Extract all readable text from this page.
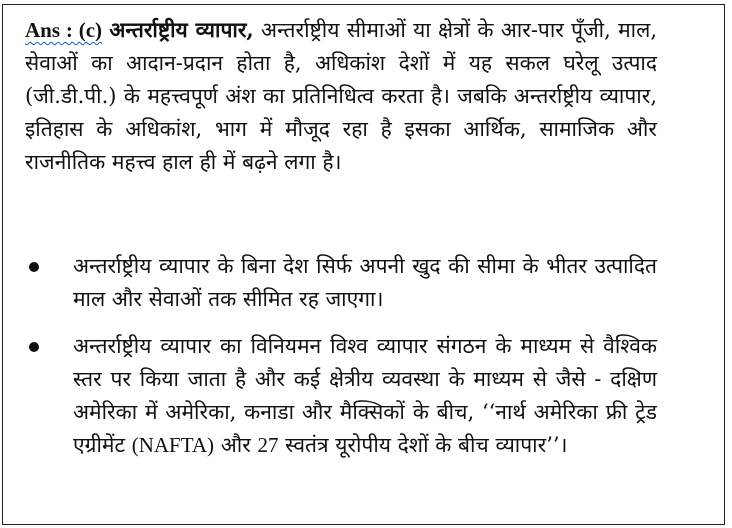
Ans : (c) अन्तर्राष्ट्रीय व्यापार, अन्तर्राष्ट्रीय सीमाओं या क्षेत्रों के आर-पार पूँजी, माल, सेवाओं का आदान-प्रदान होता है, अधिकांश देशों में यह सकल घरेलू उत्पाद (जी.डी.पी.) के महत्त्वपूर्ण अंश का प्रतिनिधित्व करता है। जबकि अन्तर्राष्ट्रीय व्यापार, इतिहास के अधिकांश, भाग में मौजूद रहा है इसका आर्थिक, सामाजिक और राजनीतिक महत्त्व हाल ही में बढ़ने लगा है।

अन्तर्राष्ट्रीय व्यापार के बिना देश सिर्फ अपनी खुद की सीमा के भीतर उत्पादित माल और सेवाओं तक सीमित रह जाएगा।
अन्तर्राष्ट्रीय व्यापार का विनियमन विश्व व्यापार संगठन के माध्यम से वैश्विक स्तर पर किया जाता है और कई क्षेत्रीय व्यवस्था के माध्यम से जैसे - दक्षिण अमेरिका में अमेरिका, कनाडा और मैक्सिकों के बीच, ‘‘नार्थ अमेरिका फ्री ट्रेड एग्रीमेंट (NAFTA) और 27 स्वतंत्र यूरोपीय देशों के बीच व्यापार’’।
